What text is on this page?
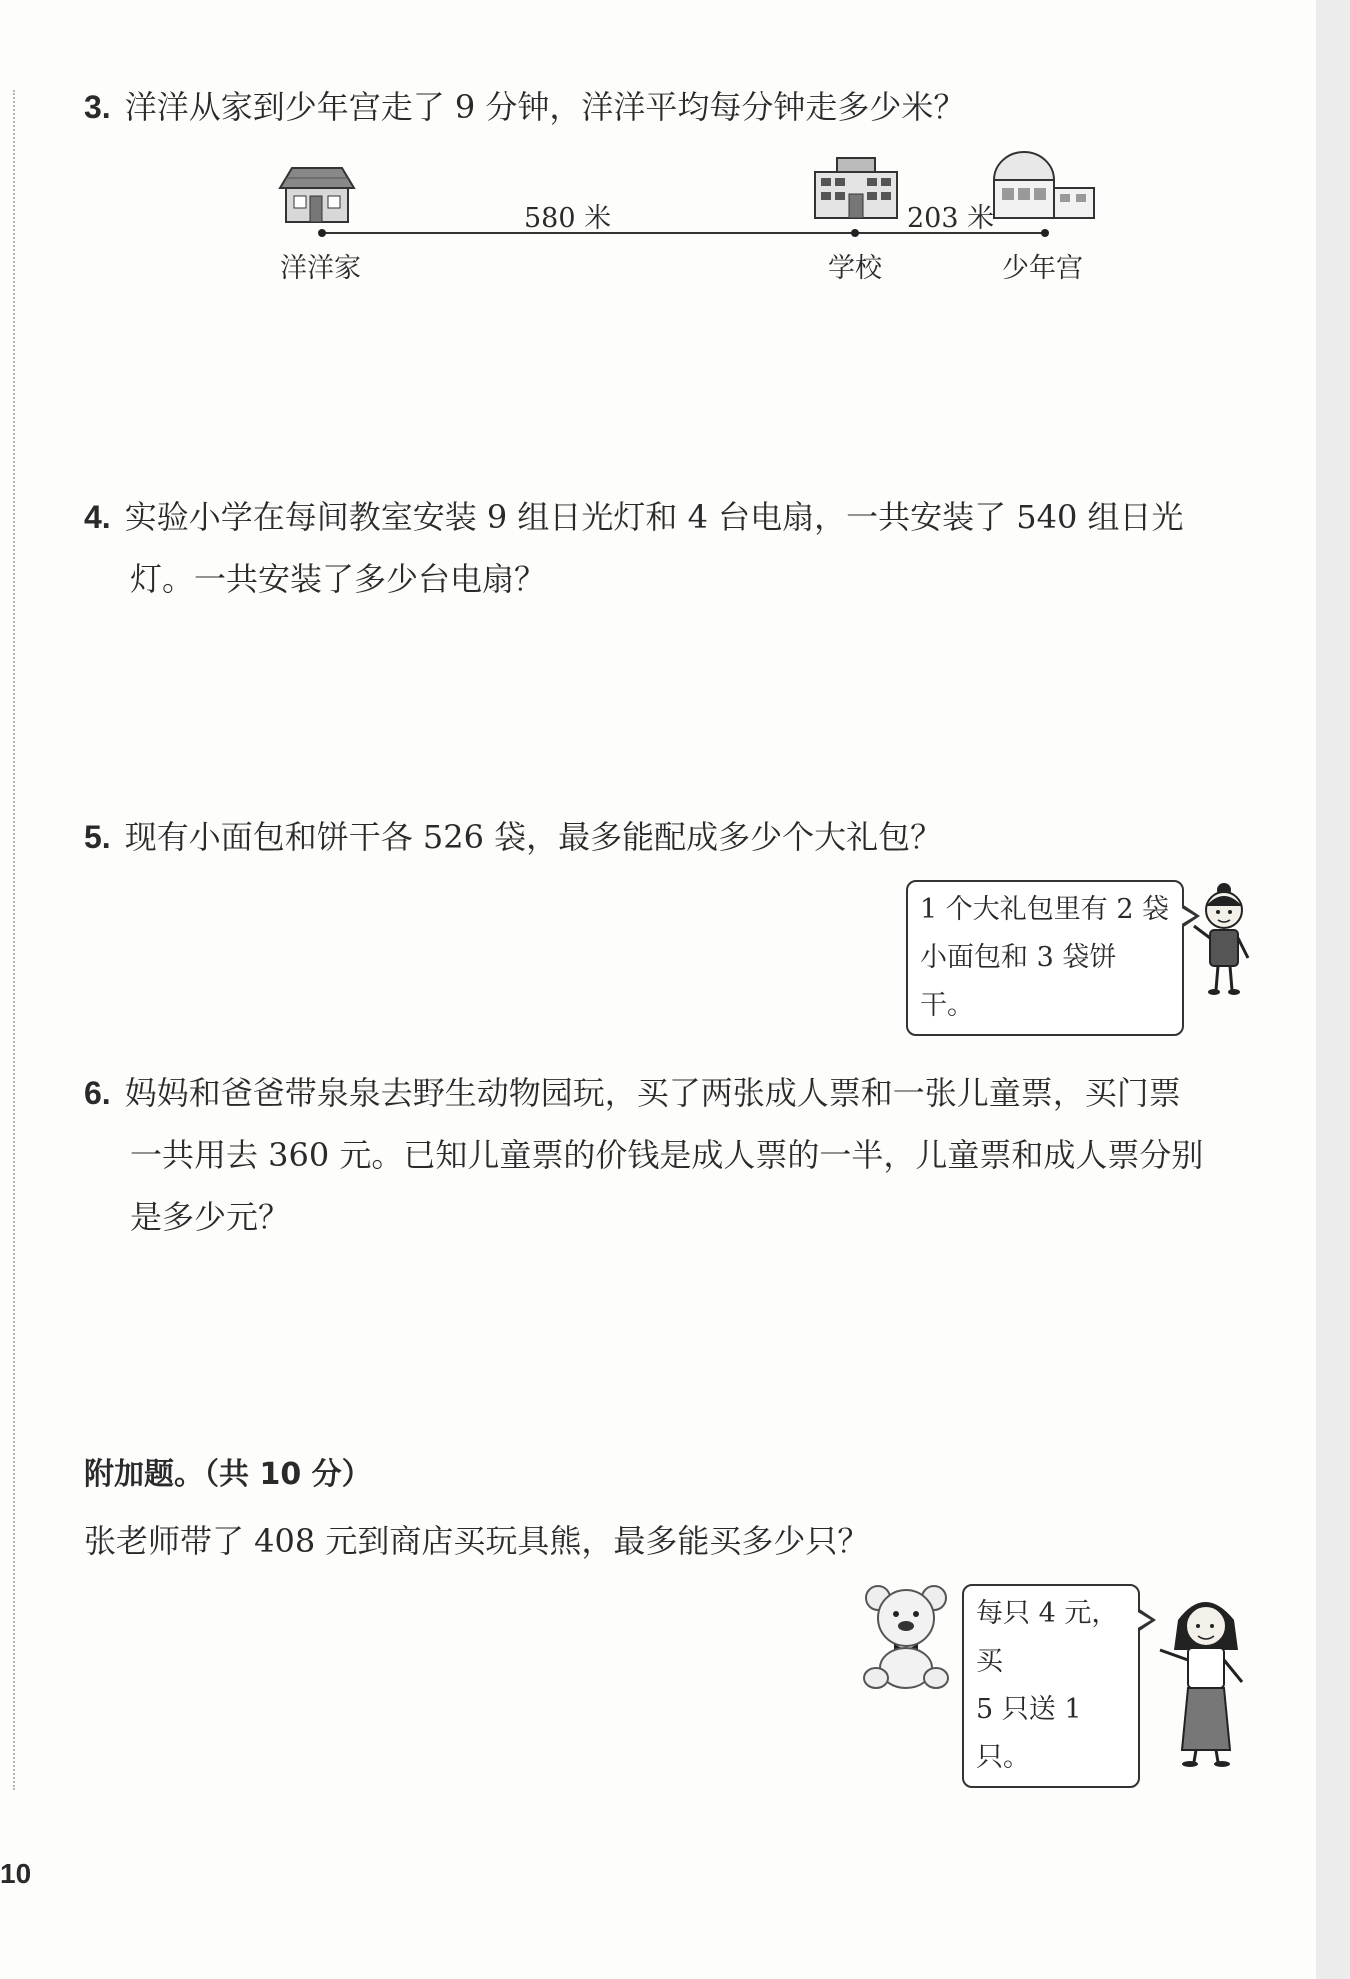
3. 洋洋从家到少年宫走了 9 分钟，洋洋平均每分钟走多少米？
580 米	203 米
洋洋家	学校	少年宫
4. 实验小学在每间教室安装 9 组日光灯和 4 台电扇，一共安装了 540 组日光
灯。一共安装了多少台电扇？
5. 现有小面包和饼干各 526 袋，最多能配成多少个大礼包？
1 个大礼包里有 2 袋
小面包和 3 袋饼干。
6. 妈妈和爸爸带泉泉去野生动物园玩，买了两张成人票和一张儿童票，买门票
一共用去 360 元。已知儿童票的价钱是成人票的一半，儿童票和成人票分别
是多少元？
附加题。（共 10 分）
张老师带了 408 元到商店买玩具熊，最多能买多少只？
每只 4 元，买
5 只送 1 只。
10
